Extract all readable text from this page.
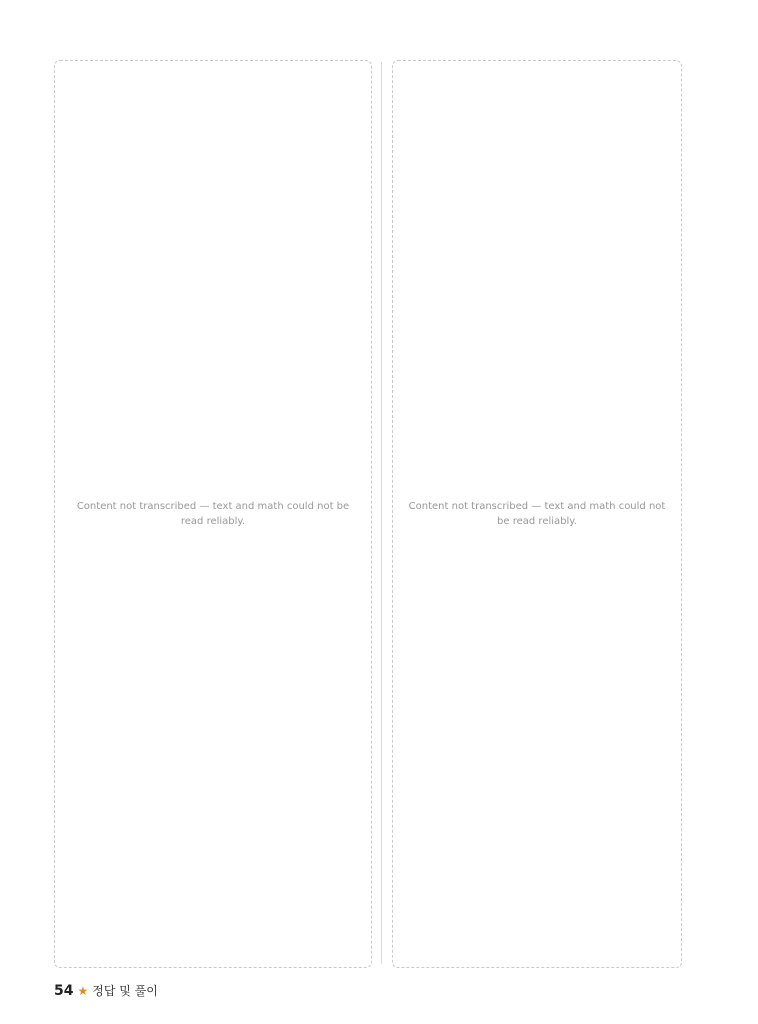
Content not transcribed — text and math could not be read reliably.
Content not transcribed — text and math could not be read reliably.
54 ★ 정답 및 풀이
